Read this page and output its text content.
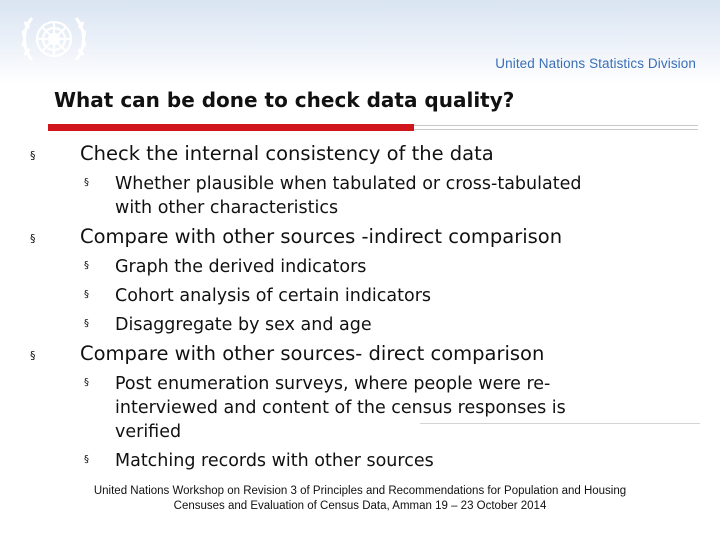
United Nations Statistics Division
What can be done to check data quality?
§ Check the internal consistency of the data
§ Whether plausible when tabulated or cross-tabulated
with other characteristics
§ Compare with other sources -indirect comparison
§ Graph the derived indicators
§ Cohort analysis of certain indicators
§ Disaggregate by sex and age
§ Compare with other sources- direct comparison
§ Post enumeration surveys, where people were re-
interviewed and content of the census responses is
verified
§ Matching records with other sources
United Nations Workshop on Revision 3 of Principles and Recommendations for Population and Housing
Censuses and Evaluation of Census Data, Amman 19 – 23 October 2014
